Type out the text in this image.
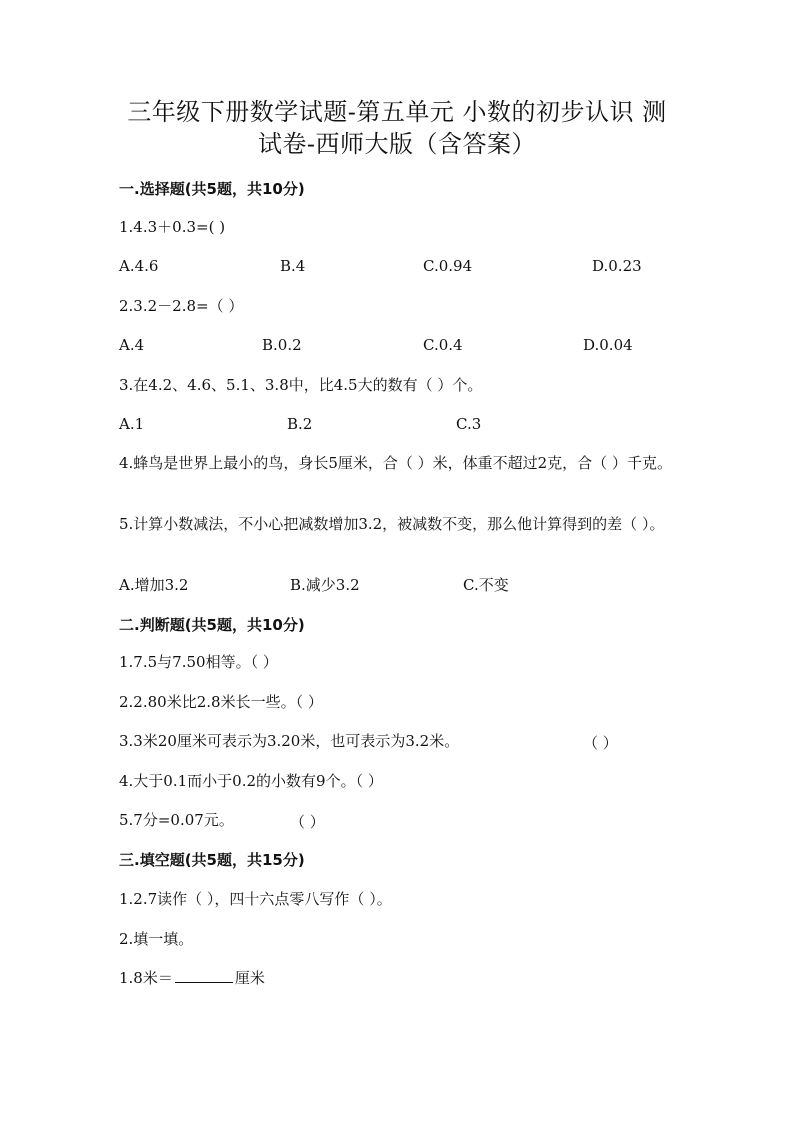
三年级下册数学试题-第五单元 小数的初步认识 测
试卷-西师大版（含答案）
一.选择题(共5题，共10分)
1.4.3＋0.3=( )
A.4.6	B.4	C.0.94	D.0.23
2.3.2－2.8=（ ）
A.4	B.0.2	C.0.4	D.0.04
3.在4.2、4.6、5.1、3.8中，比4.5大的数有（ ）个。
A.1	B.2	C.3
4.蜂鸟是世界上最小的鸟，身长5厘米，合（ ）米，体重不超过2克，合（ ）千克。
5.计算小数减法，不小心把减数增加3.2，被减数不变，那么他计算得到的差（ ）。
A.增加3.2	B.减少3.2	C.不变
二.判断题(共5题，共10分)
1.7.5与7.50相等。（ ）
2.2.80米比2.8米长一些。（ ）
3.3米20厘米可表示为3.20米，也可表示为3.2米。	（ ）
4.大于0.1而小于0.2的小数有9个。（ ）
5.7分=0.07元。	（ ）
三.填空题(共5题，共15分)
1.2.7读作（ ），四十六点零八写作（ ）。
2.填一填。
1.8米＝	厘米
